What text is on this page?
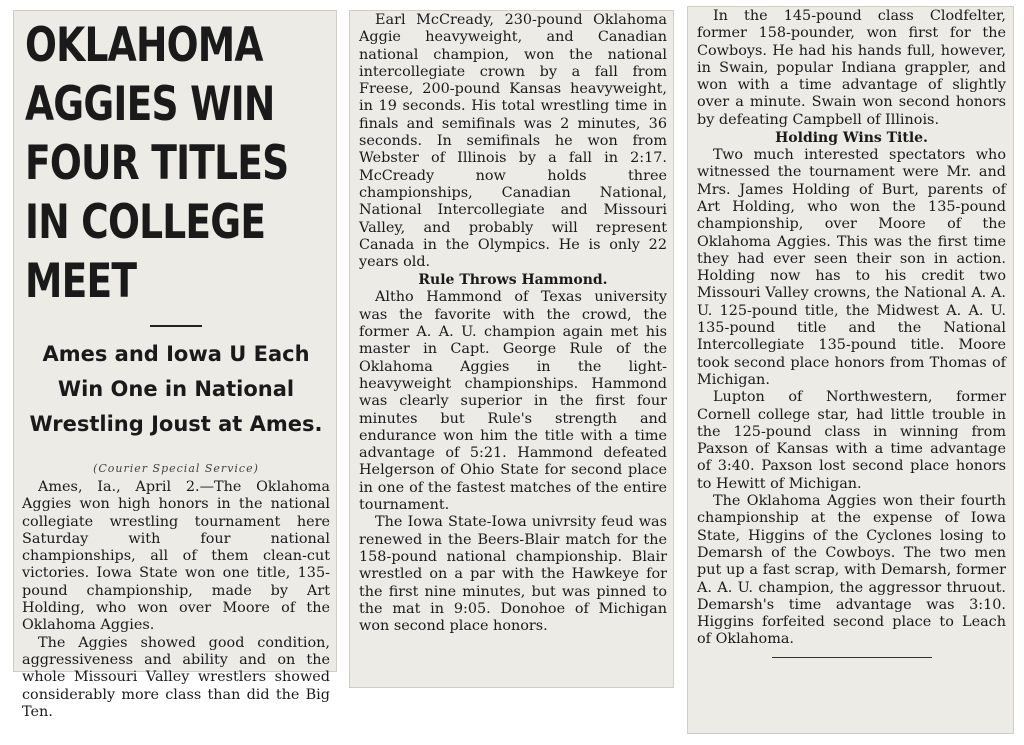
OKLAHOMA AGGIES WIN FOUR TITLES IN COLLEGE MEET
Ames and Iowa U Each Win One in National Wrestling Joust at Ames.
(Courier Special Service)

Ames, Ia., April 2.—The Oklahoma Aggies won high honors in the national collegiate wrestling tournament here Saturday with four national championships, all of them clean-cut victories. Iowa State won one title, 135-pound championship, made by Art Holding, who won over Moore of the Oklahoma Aggies.

The Aggies showed good condition, aggressiveness and ability and on the whole Missouri Valley wrestlers showed considerably more class than did the Big Ten.

Earl McCready, 230-pound Oklahoma Aggie heavyweight, and Canadian national champion, won the national intercollegiate crown by a fall from Freese, 200-pound Kansas heavyweight, in 19 seconds. His total wrestling time in finals and semifinals was 2 minutes, 36 seconds. In semifinals he won from Webster of Illinois by a fall in 2:17. McCready now holds three championships, Canadian National, National Intercollegiate and Missouri Valley, and probably will represent Canada in the Olympics. He is only 22 years old.

Rule Throws Hammond.

Altho Hammond of Texas university was the favorite with the crowd, the former A. A. U. champion again met his master in Capt. George Rule of the Oklahoma Aggies in the light-heavyweight championships. Hammond was clearly superior in the first four minutes but Rule's strength and endurance won him the title with a time advantage of 5:21. Hammond defeated Helgerson of Ohio State for second place in one of the fastest matches of the entire tournament.

The Iowa State-Iowa univrsity feud was renewed in the Beers-Blair match for the 158-pound national championship. Blair wrestled on a par with the Hawkeye for the first nine minutes, but was pinned to the mat in 9:05. Donohoe of Michigan won second place honors.

In the 145-pound class Clodfelter, former 158-pounder, won first for the Cowboys. He had his hands full, however, in Swain, popular Indiana grappler, and won with a time advantage of slightly over a minute. Swain won second honors by defeating Campbell of Illinois.

Holding Wins Title.

Two much interested spectators who witnessed the tournament were Mr. and Mrs. James Holding of Burt, parents of Art Holding, who won the 135-pound championship, over Moore of the Oklahoma Aggies. This was the first time they had ever seen their son in action. Holding now has to his credit two Missouri Valley crowns, the National A. A. U. 125-pound title, the Midwest A. A. U. 135-pound title and the National Intercollegiate 135-pound title. Moore took second place honors from Thomas of Michigan.

Lupton of Northwestern, former Cornell college star, had little trouble in the 125-pound class in winning from Paxson of Kansas with a time advantage of 3:40. Paxson lost second place honors to Hewitt of Michigan.

The Oklahoma Aggies won their fourth championship at the expense of Iowa State, Higgins of the Cyclones losing to Demarsh of the Cowboys. The two men put up a fast scrap, with Demarsh, former A. A. U. champion, the aggressor thruout. Demarsh's time advantage was 3:10. Higgins forfeited second place to Leach of Oklahoma.
